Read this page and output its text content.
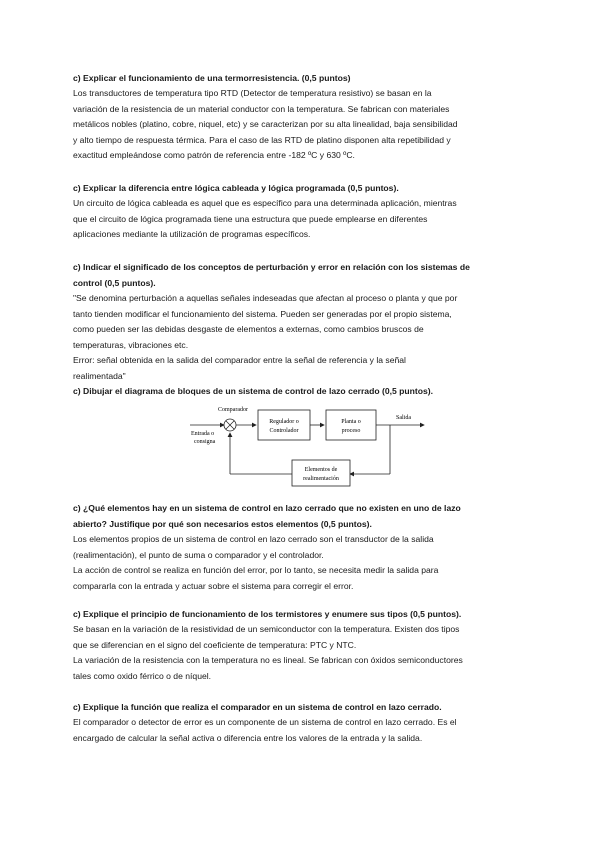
c) Explicar el funcionamiento de una termorresistencia. (0,5 puntos)
Los transductores de temperatura tipo RTD (Detector de temperatura resistivo) se basan en la
variación de la resistencia de un material conductor con la temperatura. Se fabrican con materiales
metálicos nobles (platino, cobre, niquel, etc) y se caracterizan por su alta linealidad, baja sensibilidad
y alto tiempo de respuesta térmica. Para el caso de las RTD de platino disponen alta repetibilidad y
exactitud empleándose como patrón de referencia entre -182 ºC y 630 ºC.
c) Explicar la diferencia entre lógica cableada y lógica programada (0,5 puntos).
Un circuito de lógica cableada es aquel que es específico para una determinada aplicación, mientras
que el circuito de lógica programada tiene una estructura que puede emplearse en diferentes
aplicaciones mediante la utilización de programas específicos.
c) Indicar el significado de los conceptos de perturbación y error en relación con los sistemas de
control (0,5 puntos).
"Se denomina perturbación a aquellas señales indeseadas que afectan al proceso o planta y que por
tanto tienden modificar el funcionamiento del sistema. Pueden ser generadas por el propio sistema,
como pueden ser las debidas desgaste de elementos a externas, como cambios bruscos de
temperaturas, vibraciones etc.
Error: señal obtenida en la salida del comparador entre la señal de referencia y la señal
realimentada"
c) Dibujar el diagrama de bloques de un sistema de control de lazo cerrado (0,5 puntos).
Comparador
Entrada o
consigna
Regulador o
Controlador
Planta o
proceso
Salida
Elementos de
realimentación
c) ¿Qué elementos hay en un sistema de control en lazo cerrado que no existen en uno de lazo
abierto? Justifique por qué son necesarios estos elementos (0,5 puntos).
Los elementos propios de un sistema de control en lazo cerrado son el transductor de la salida
(realimentación), el punto de suma o comparador y el controlador.
La acción de control se realiza en función del error, por lo tanto, se necesita medir la salida para
compararla con la entrada y actuar sobre el sistema para corregir el error.
c) Explique el principio de funcionamiento de los termistores y enumere sus tipos (0,5 puntos).
Se basan en la variación de la resistividad de un semiconductor con la temperatura. Existen dos tipos
que se diferencian en el signo del coeficiente de temperatura: PTC y NTC.
La variación de la resistencia con la temperatura no es lineal. Se fabrican con óxidos semiconductores
tales como oxido férrico o de níquel.
c) Explique la función que realiza el comparador en un sistema de control en lazo cerrado.
El comparador o detector de error es un componente de un sistema de control en lazo cerrado. Es el
encargado de calcular la señal activa o diferencia entre los valores de la entrada y la salida.
